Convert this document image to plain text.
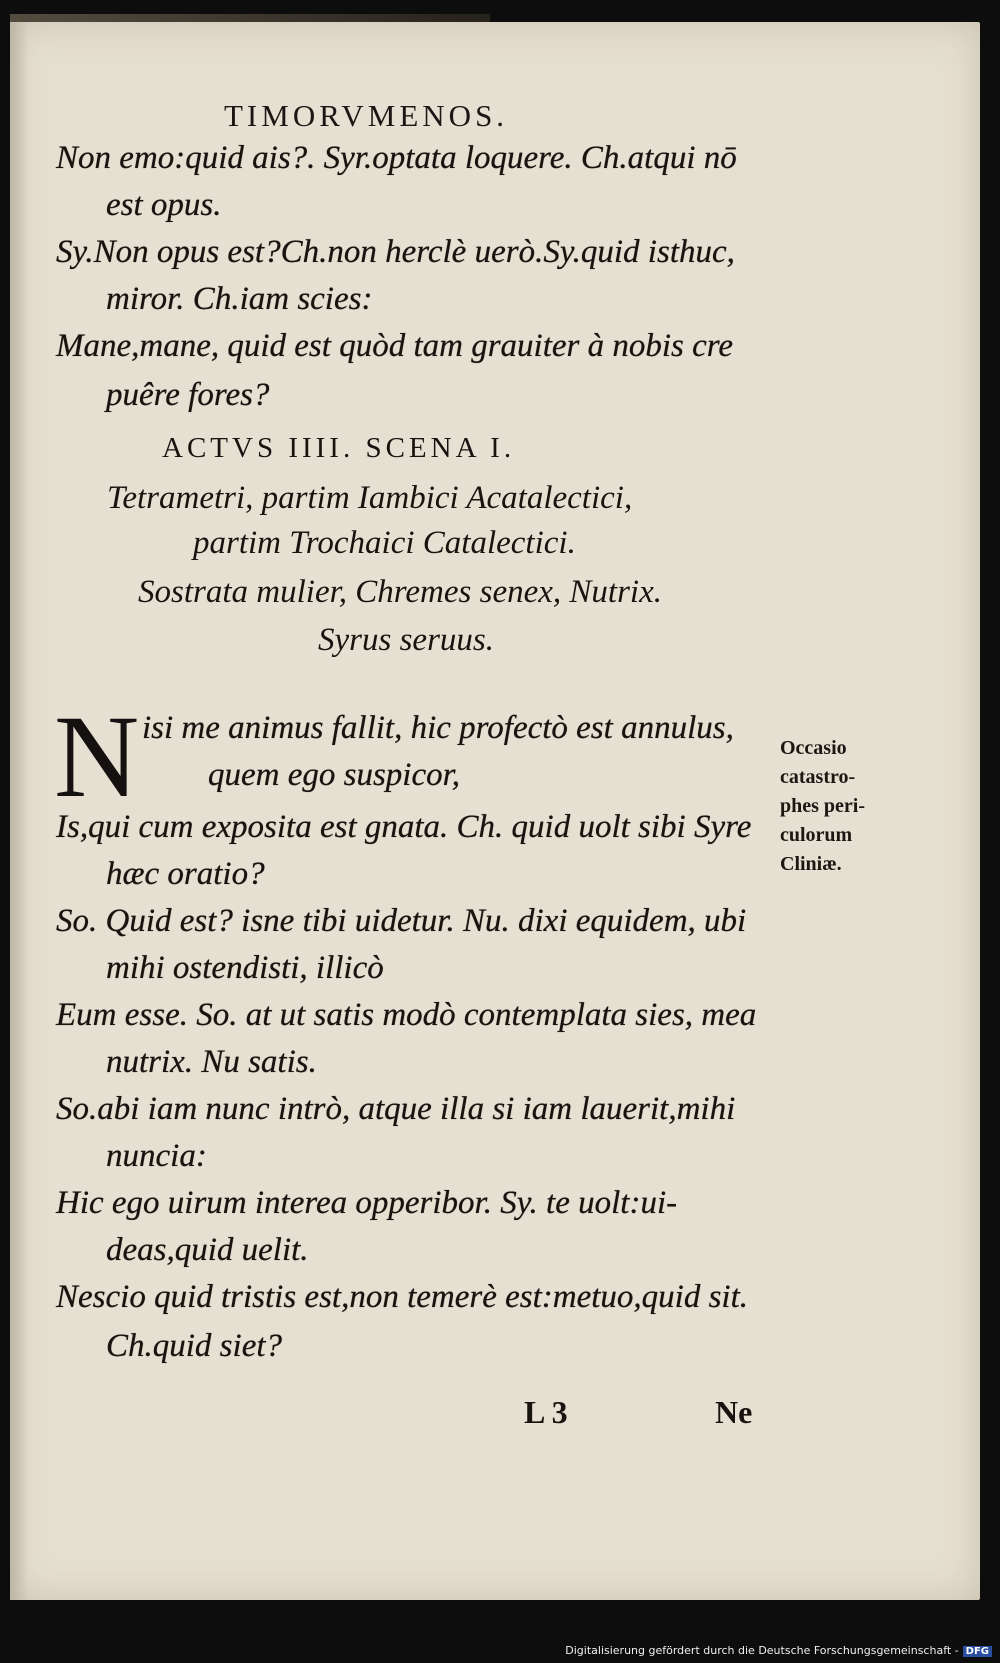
TIMORVMENOS.
Non emo:quid ais?. Syr.optata loquere. Ch.atqui nō
est opus.
Sy.Non opus est?Ch.non herclè uerò.Sy.quid isthuc,
miror. Ch.iam scies:
Mane,mane, quid est quòd tam grauiter à nobis cre
puêre fores?
ACTVS IIII. SCENA I.
Tetrametri, partim Iambici Acatalectici,
partim Trochaici Catalectici.
Sostrata mulier, Chremes senex, Nutrix.
Syrus seruus.
N isi me animus fallit, hic profectò est annulus,
quem ego suspicor,
Is,qui cum exposita est gnata. Ch. quid uolt sibi Syre
hæc oratio?
So. Quid est? isne tibi uidetur. Nu. dixi equidem, ubi
mihi ostendisti, illicò
Eum esse. So. at ut satis modò contemplata sies, mea
nutrix. Nu satis.
So.abi iam nunc intrò, atque illa si iam lauerit,mihi
nuncia:
Hic ego uirum interea opperibor. Sy. te uolt:ui-
deas,quid uelit.
Nescio quid tristis est,non temerè est:metuo,quid sit.
Ch.quid siet?
Occasio
catastro-
phes peri-
culorum
Cliniæ.
L 3	Ne
Digitalisierung gefördert durch die Deutsche Forschungsgemeinschaft - DFG
